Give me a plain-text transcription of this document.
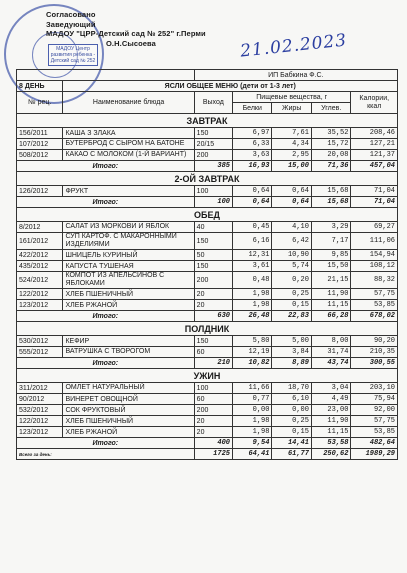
МАДОУ Центр развития ребенка - Детский сад № 252
Согласовано
Заведующий
МАДОУ "ЦРР-Детский сад № 252" г.Перми
О.Н.Сысоева	21.02.2023
		ИП Бабкина Ф.С.				
8 ДЕНЬ	ЯСЛИ ОБЩЕЕ МЕНЮ (дети от 1-3 лет)					
№ рец.	Наименование блюда	Выход	Пищевые вещества, г			Калории, ккал
			Белки	Жиры	Углев.	
ЗАВТРАК						
156/2011	КАША З ЗЛАКА	150	6,97	7,61	35,52	208,46
107/2012	БУТЕРБРОД С СЫРОМ НА БАТОНЕ	20/15	6,33	4,34	15,72	127,21
508/2012	КАКАО С МОЛОКОМ (1-Й ВАРИАНТ)	200	3,63	2,95	20,08	121,37
Итого:		385	16,93	15,00	71,36	457,04
2-ОЙ ЗАВТРАК						
126/2012	ФРУКТ	100	0,64	0,64	15,68	71,04
Итого:		100	0,64	0,64	15,68	71,04
ОБЕД						
8/2012	САЛАТ ИЗ МОРКОВИ И ЯБЛОК	40	0,45	4,10	3,29	69,27
161/2012	СУП КАРТОФ. С МАКАРОННЫМИ ИЗДЕЛИЯМИ	150	6,16	6,42	7,17	111,06
422/2012	ШНИЦЕЛЬ КУРИНЫЙ	50	12,31	10,90	9,85	154,94
435/2012	КАПУСТА ТУШЕНАЯ	150	3,61	5,74	15,50	108,12
524/2012	КОМПОТ ИЗ АПЕЛЬСИНОВ С ЯБЛОКАМИ	200	0,48	0,20	21,15	88,32
122/2012	ХЛЕБ ПШЕНИЧНЫЙ	20	1,98	0,25	11,90	57,75
123/2012	ХЛЕБ РЖАНОЙ	20	1,98	0,15	11,15	53,85
Итого:		630	26,48	22,83	66,28	678,02
ПОЛДНИК						
530/2012	КЕФИР	150	5,80	5,00	8,00	90,20
555/2012	ВАТРУШКА С ТВОРОГОМ	60	12,19	3,84	31,74	210,35
Итого:		210	10,82	8,89	43,74	300,55
УЖИН						
311/2012	ОМЛЕТ НАТУРАЛЬНЫЙ	100	11,66	18,70	3,04	203,10
90/2012	ВИНЕРЕТ ОВОЩНОЙ	60	0,77	6,10	4,49	75,94
532/2012	СОК ФРУКТОВЫЙ	200	0,00	0,00	23,00	92,00
122/2012	ХЛЕБ ПШЕНИЧНЫЙ	20	1,98	0,25	11,90	57,75
123/2012	ХЛЕБ РЖАНОЙ	20	1,98	0,15	11,15	53,85
Итого:		400	9,54	14,41	53,58	482,64
Всего за день:		1725	64,41	61,77	250,62	1989,29
